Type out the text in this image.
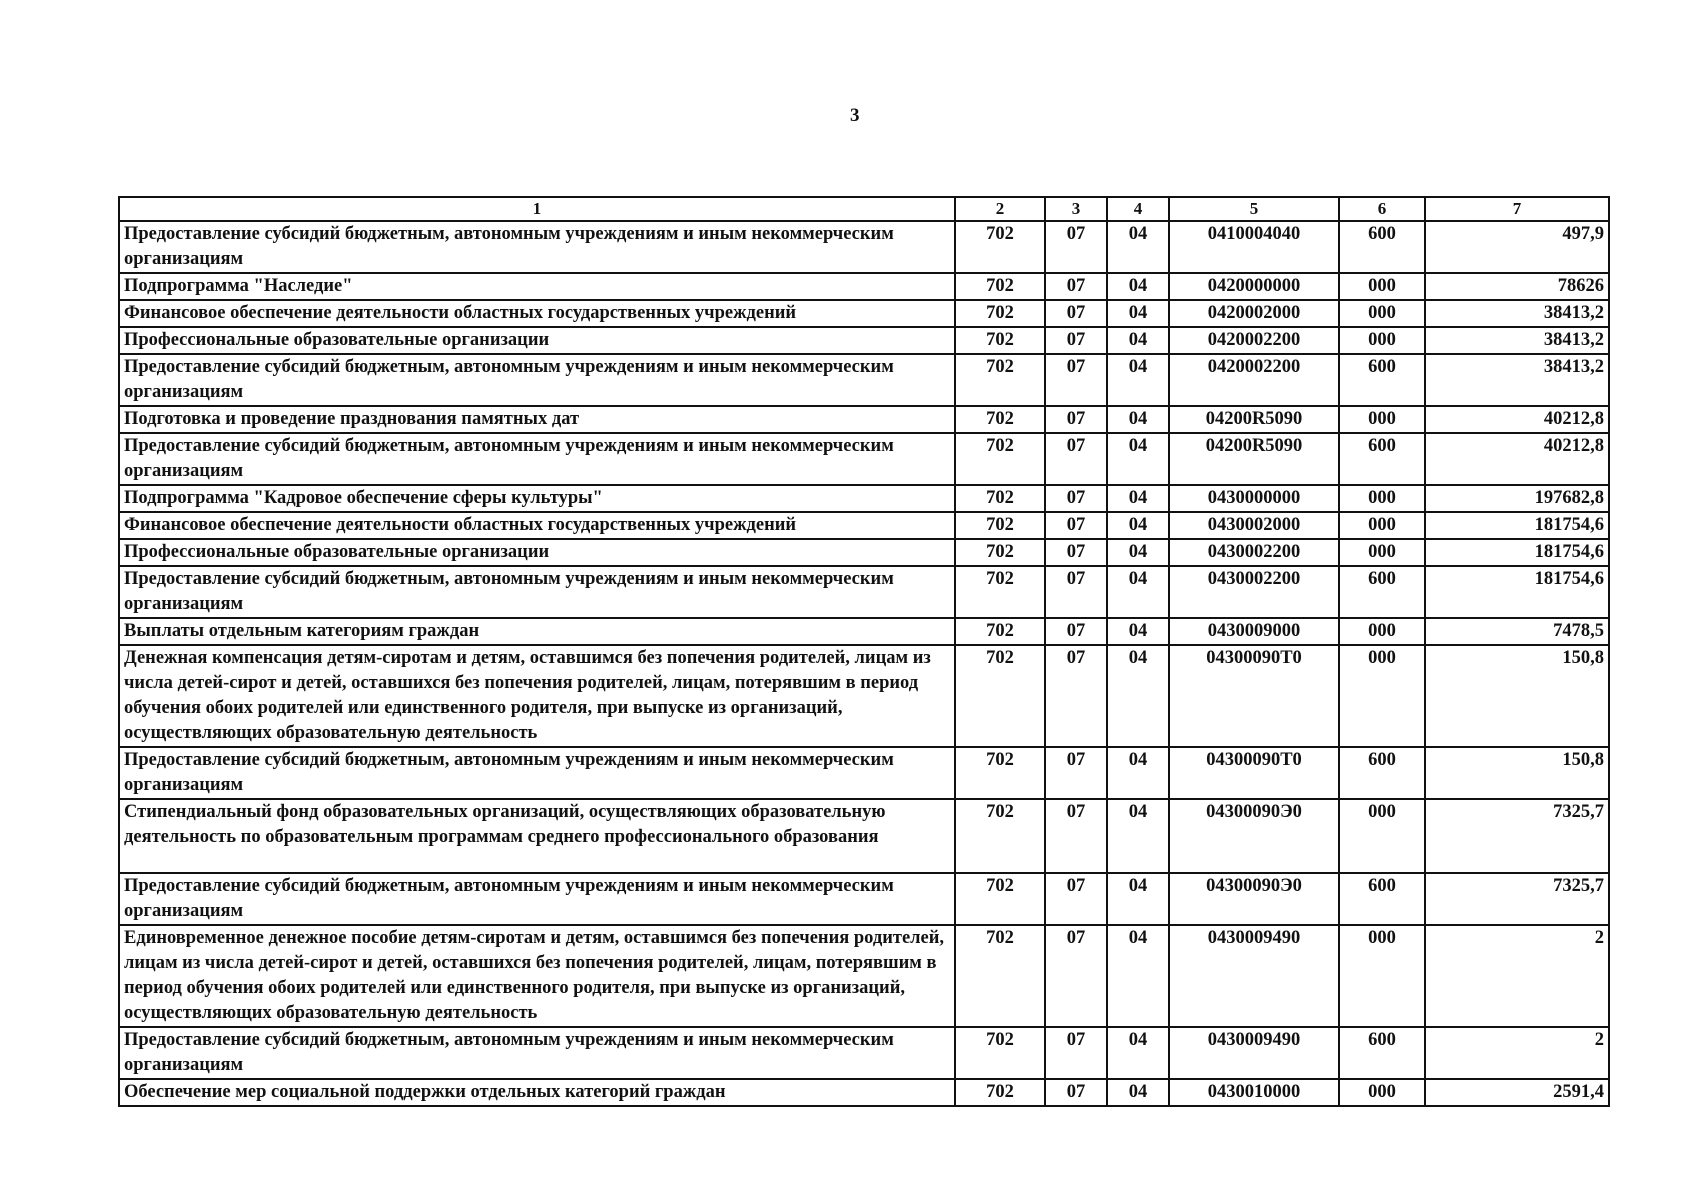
3
1	2	3	4	5	6	7
Предоставление субсидий бюджетным, автономным учреждениям и иным некоммерческим организациям	702	07	04	0410004040	600	497,9
Подпрограмма "Наследие"	702	07	04	0420000000	000	78626
Финансовое обеспечение деятельности областных государственных учреждений	702	07	04	0420002000	000	38413,2
Профессиональные образовательные организации	702	07	04	0420002200	000	38413,2
Предоставление субсидий бюджетным, автономным учреждениям и иным некоммерческим организациям	702	07	04	0420002200	600	38413,2
Подготовка и проведение празднования памятных дат	702	07	04	04200R5090	000	40212,8
Предоставление субсидий бюджетным, автономным учреждениям и иным некоммерческим организациям	702	07	04	04200R5090	600	40212,8
Подпрограмма "Кадровое обеспечение сферы культуры"	702	07	04	0430000000	000	197682,8
Финансовое обеспечение деятельности областных государственных учреждений	702	07	04	0430002000	000	181754,6
Профессиональные образовательные организации	702	07	04	0430002200	000	181754,6
Предоставление субсидий бюджетным, автономным учреждениям и иным некоммерческим организациям	702	07	04	0430002200	600	181754,6
Выплаты отдельным категориям граждан	702	07	04	0430009000	000	7478,5
Денежная компенсация детям-сиротам и детям, оставшимся без попечения родителей, лицам из числа детей-сирот и детей, оставшихся без попечения родителей, лицам, потерявшим в период обучения обоих родителей или единственного родителя, при выпуске из организаций, осуществляющих образовательную деятельность	702	07	04	04300090Т0	000	150,8
Предоставление субсидий бюджетным, автономным учреждениям и иным некоммерческим организациям	702	07	04	04300090Т0	600	150,8
Стипендиальный фонд образовательных организаций, осуществляющих образовательную деятельность по образовательным программам среднего профессионального образования	702	07	04	04300090Э0	000	7325,7
Предоставление субсидий бюджетным, автономным учреждениям и иным некоммерческим организациям	702	07	04	04300090Э0	600	7325,7
Единовременное денежное пособие детям-сиротам и детям, оставшимся без попечения родителей, лицам из числа детей-сирот и детей, оставшихся без попечения родителей, лицам, потерявшим в период обучения обоих родителей или единственного родителя, при выпуске из организаций, осуществляющих образовательную деятельность	702	07	04	0430009490	000	2
Предоставление субсидий бюджетным, автономным учреждениям и иным некоммерческим организациям	702	07	04	0430009490	600	2
Обеспечение мер социальной поддержки отдельных категорий граждан	702	07	04	0430010000	000	2591,4
